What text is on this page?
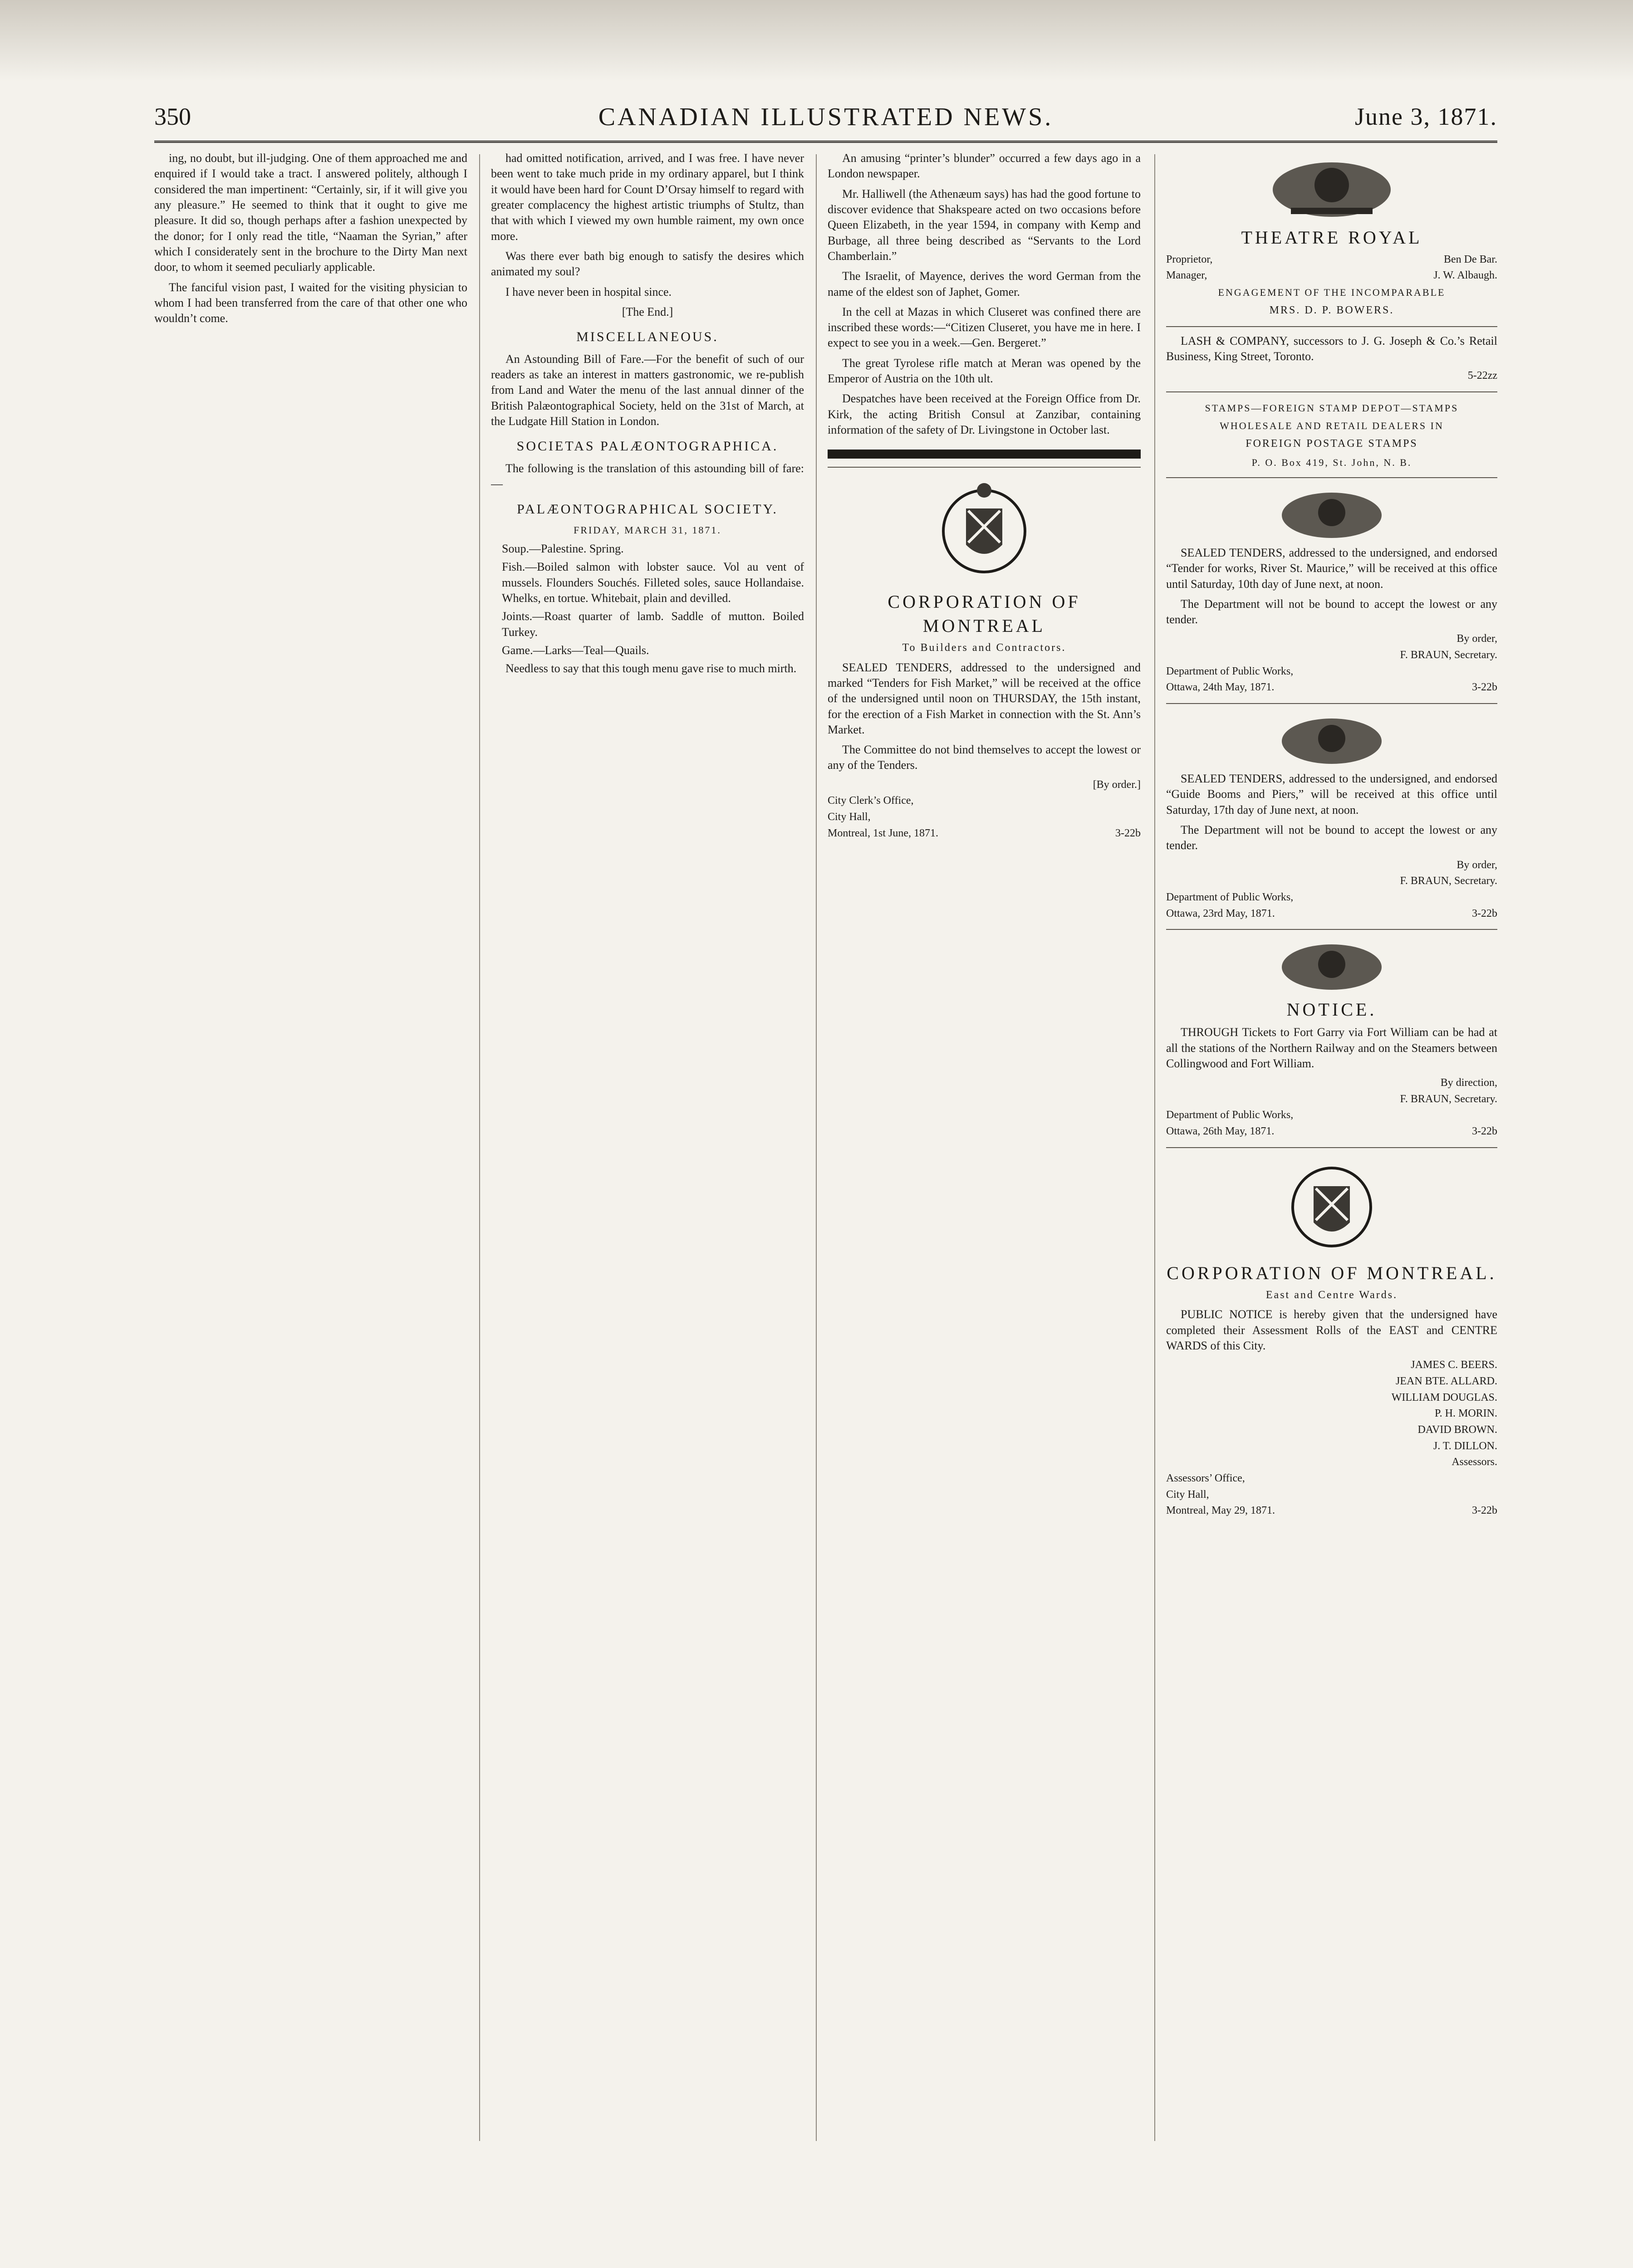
350	CANADIAN ILLUSTRATED NEWS.	June 3, 1871.

ing, no doubt, but ill-judging. One of them approached me and enquired if I would take a tract. I answered politely, although I considered the man impertinent: “Certainly, sir, if it will give you any pleasure.” He seemed to think that it ought to give me pleasure. It did so, though perhaps after a fashion unexpected by the donor; for I only read the title, “Naaman the Syrian,” after which I considerately sent in the brochure to the Dirty Man next door, to whom it seemed peculiarly applicable.

The fanciful vision past, I waited for the visiting physician to whom I had been transferred from the care of that other one who wouldn’t come.

had omitted notification, arrived, and I was free. I have never been went to take much pride in my ordinary apparel, but I think it would have been hard for Count D’Orsay himself to regard with greater complacency the highest artistic triumphs of Stultz, than that with which I viewed my own humble raiment, my own once more.

Was there ever bath big enough to satisfy the desires which animated my soul?

I have never been in hospital since.

[The End.]

MISCELLANEOUS.

An Astounding Bill of Fare.—For the benefit of such of our readers as take an interest in matters gastronomic, we re-publish from Land and Water the menu of the last annual dinner of the British Palæontographical Society, held on the 31st of March, at the Ludgate Hill Station in London.

SOCIETAS PALÆONTOGRAPHICA.

The following is the translation of this astounding bill of fare:—

PALÆONTOGRAPHICAL SOCIETY.
FRIDAY, MARCH 31, 1871.

Soup.—Palestine. Spring.

Fish.—Boiled salmon with lobster sauce. Vol au vent of mussels. Flounders Souchés. Filleted soles, sauce Hollandaise. Whelks, en tortue. Whitebait, plain and devilled.

Joints.—Roast quarter of lamb. Saddle of mutton. Boiled Turkey.

Game.—Larks—Teal—Quails.

Needless to say that this tough menu gave rise to much mirth.

An amusing “printer’s blunder” occurred a few days ago in a London newspaper.

Mr. Halliwell (the Athenæum says) has had the good fortune to discover evidence that Shakspeare acted on two occasions before Queen Elizabeth, in the year 1594, in company with Kemp and Burbage, all three being described as “Servants to the Lord Chamberlain.”

The Israelit, of Mayence, derives the word German from the name of the eldest son of Japhet, Gomer.

In the cell at Mazas in which Cluseret was confined there are inscribed these words:—“Citizen Cluseret, you have me in here. I expect to see you in a week.—Gen. Bergeret.”

The great Tyrolese rifle match at Meran was opened by the Emperor of Austria on the 10th ult.

Despatches have been received at the Foreign Office from Dr. Kirk, the acting British Consul at Zanzibar, containing information of the safety of Dr. Livingstone in October last.

CORPORATION OF MONTREAL
To Builders and Contractors.

SEALED TENDERS, addressed to the undersigned and marked “Tenders for Fish Market,” will be received at the office of the undersigned until noon on THURSDAY, the 15th instant, for the erection of a Fish Market in connection with the St. Ann’s Market.

The Committee do not bind themselves to accept the lowest or any of the Tenders.

[By order.]

City Clerk’s Office,
City Hall,
Montreal, 1st June, 1871.	3-22b
THEATRE ROYAL
Proprietor,	Ben De Bar.
Manager,	J. W. Albaugh.
ENGAGEMENT OF THE INCOMPARABLE
MRS. D. P. BOWERS.

LASH & COMPANY, successors to J. G. Joseph & Co.’s Retail Business, King Street, Toronto.

5-22zz

STAMPS—FOREIGN STAMP DEPOT—STAMPS
WHOLESALE AND RETAIL DEALERS IN
FOREIGN POSTAGE STAMPS
P. O. Box 419, St. John, N. B.

SEALED TENDERS, addressed to the undersigned, and endorsed “Tender for works, River St. Maurice,” will be received at this office until Saturday, 10th day of June next, at noon.

The Department will not be bound to accept the lowest or any tender.

By order,

F. BRAUN, Secretary.

Department of Public Works,
Ottawa, 24th May, 1871.	3-22b

SEALED TENDERS, addressed to the undersigned, and endorsed “Guide Booms and Piers,” will be received at this office until Saturday, 17th day of June next, at noon.

The Department will not be bound to accept the lowest or any tender.

By order,

F. BRAUN, Secretary.

Department of Public Works,
Ottawa, 23rd May, 1871.	3-22b
NOTICE.

THROUGH Tickets to Fort Garry via Fort William can be had at all the stations of the Northern Railway and on the Steamers between Collingwood and Fort William.

By direction,

F. BRAUN, Secretary.

Department of Public Works,
Ottawa, 26th May, 1871.	3-22b
CORPORATION OF MONTREAL.
East and Centre Wards.

PUBLIC NOTICE is hereby given that the undersigned have completed their Assessment Rolls of the EAST and CENTRE WARDS of this City.

JAMES C. BEERS.

JEAN BTE. ALLARD.

WILLIAM DOUGLAS.

P. H. MORIN.

DAVID BROWN.

J. T. DILLON.

Assessors.

Assessors’ Office,
City Hall,
Montreal, May 29, 1871.	3-22b
